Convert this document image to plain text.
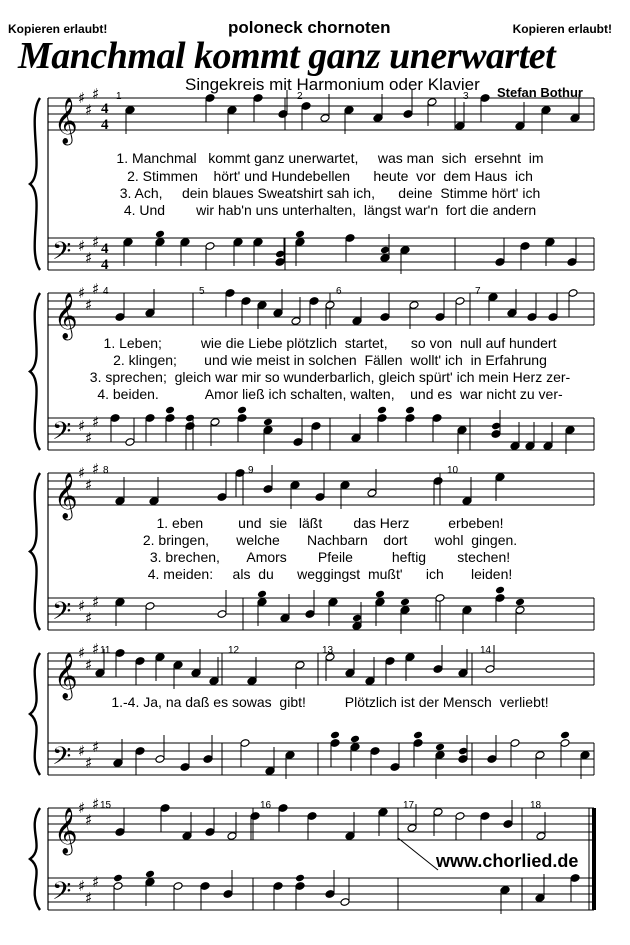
Kopieren erlaubt!	poloneck chornoten	Kopieren erlaubt!
Manchmal kommt ganz unerwartet
Singekreis mit Harmonium oder Klavier Stefan Bothur
𝄞 ♯
♯
♯
4
4
𝄢 ♯
♯
♯ 4
4
𝄞 ♯
♯
♯
𝄢 ♯
♯
♯
𝄞 ♯
♯
♯
𝄢 ♯
♯
♯
𝄞 ♯
♯
♯
𝄢 ♯
♯
♯
𝄞 ♯
♯
♯
𝄢 ♯
♯
♯
1	2	3
4	5	6	7
8	9	10
11	12	13	14
15	16	17	18
1. Manchmal   kommt ganz unerwartet,     was man  sich  ersehnt  im
2. Stimmen    hört' und Hundebellen      heute  vor  dem Haus  ich
3. Ach,     dein blaues Sweatshirt sah ich,      deine  Stimme hört' ich
4. Und        wir hab'n uns unterhalten,  längst war'n  fort die andern
1. Leben;          wie die Liebe plötzlich  startet,      so von  null auf hundert
2. klingen;       und wie meist in solchen  Fällen  wollt' ich  in Erfahrung
3. sprechen;  gleich war mir so wunderbarlich, gleich spürt' ich mein Herz zer-
4. beiden.            Amor ließ ich schalten, walten,    und es  war nicht zu ver-
1. eben         und  sie   läßt        das Herz          erbeben!
2. bringen,       welche       Nachbarn    dort       wohl  gingen.
3. brechen,       Amors        Pfeile          heftig        stechen!
4. meiden:     als  du      weggingst  mußt'      ich       leiden!
1.-4. Ja, na daß es sowas  gibt!          Plötzlich ist der Mensch  verliebt!
www.chorlied.de
